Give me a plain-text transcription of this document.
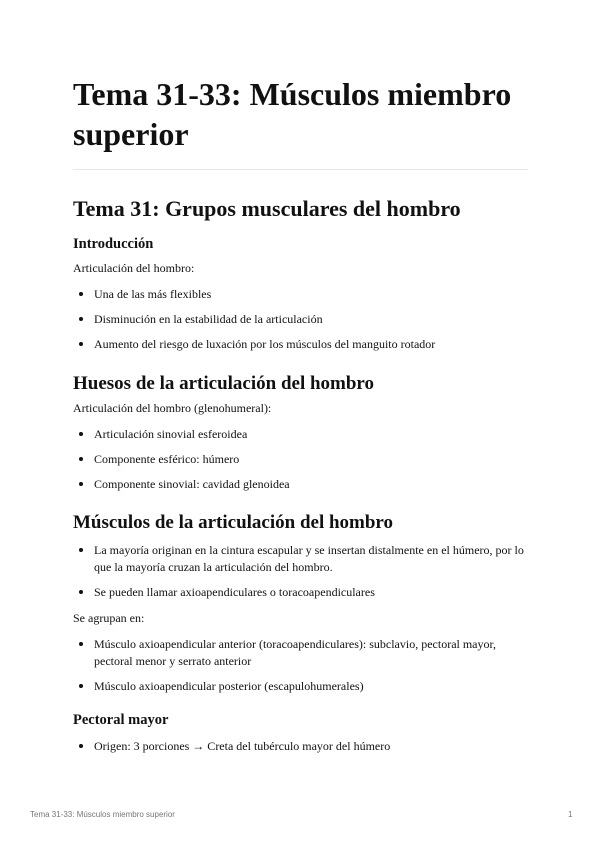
Tema 31-33: Músculos miembro superior
Tema 31: Grupos musculares del hombro
Introducción

Articulación del hombro:

Una de las más flexibles
Disminución en la estabilidad de la articulación
Aumento del riesgo de luxación por los músculos del manguito rotador
Huesos de la articulación del hombro

Articulación del hombro (glenohumeral):

Articulación sinovial esferoidea
Componente esférico: húmero
Componente sinovial: cavidad glenoidea
Músculos de la articulación del hombro
La mayoría originan en la cintura escapular y se insertan distalmente en el húmero, por lo que la mayoría cruzan la articulación del hombro.
Se pueden llamar axioapendiculares o toracoapendiculares

Se agrupan en:

Músculo axioapendicular anterior (toracoapendiculares): subclavio, pectoral mayor, pectoral menor y serrato anterior
Músculo axioapendicular posterior (escapulohumerales)
Pectoral mayor
Origen: 3 porciones → Creta del tubérculo mayor del húmero
Tema 31-33: Músculos miembro superior	1
